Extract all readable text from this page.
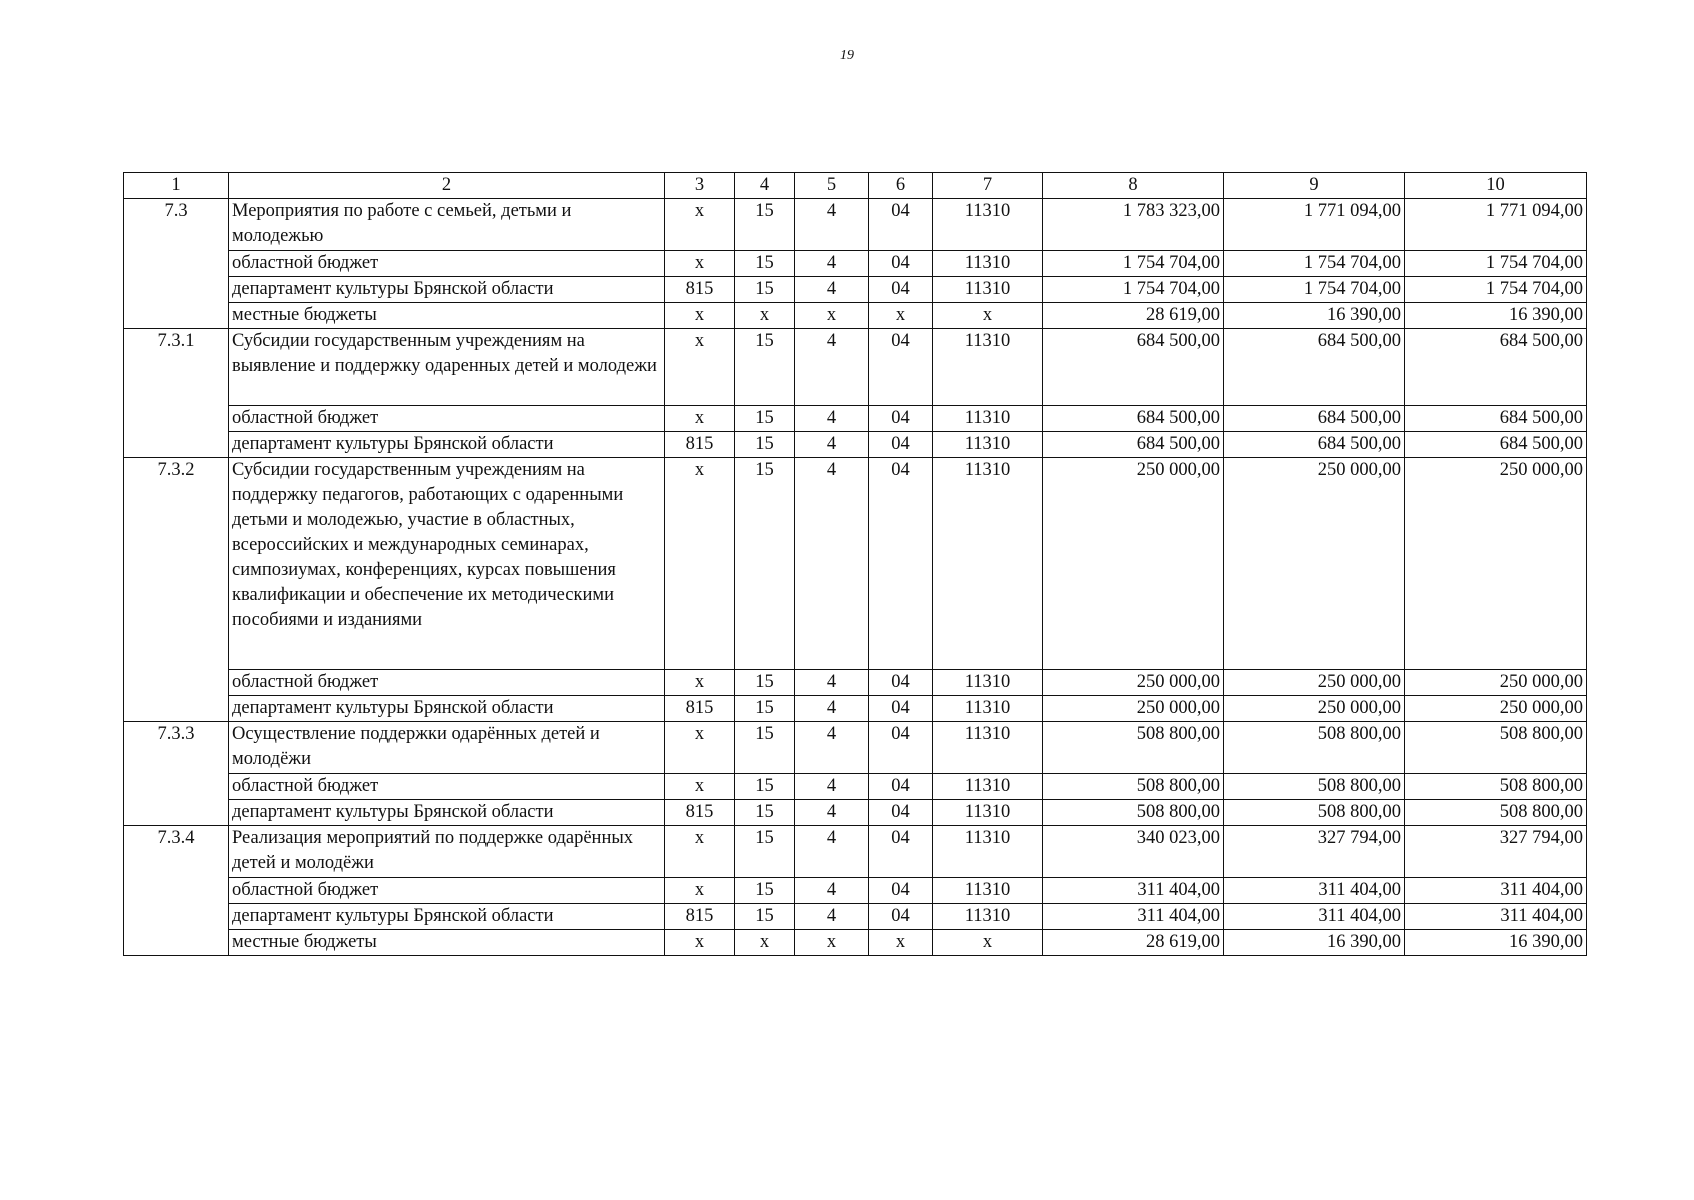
19
1	2	3	4	5	6	7	8	9	10
7.3	Мероприятия по работе с семьей, детьми и молодежью	х	15	4	04	11310	1 783 323,00	1 771 094,00	1 771 094,00
	областной бюджет	х	15	4	04	11310	1 754 704,00	1 754 704,00	1 754 704,00
	департамент культуры Брянской области	815	15	4	04	11310	1 754 704,00	1 754 704,00	1 754 704,00
	местные бюджеты	х	х	х	х	х	28 619,00	16 390,00	16 390,00
7.3.1	Субсидии государственным учреждениям на выявление и поддержку одаренных детей и молодежи	х	15	4	04	11310	684 500,00	684 500,00	684 500,00
	областной бюджет	х	15	4	04	11310	684 500,00	684 500,00	684 500,00
	департамент культуры Брянской области	815	15	4	04	11310	684 500,00	684 500,00	684 500,00
7.3.2	Субсидии государственным учреждениям на поддержку педагогов, работающих с одаренными детьми и молодежью, участие в областных, всероссийских и международных семинарах, симпозиумах, конференциях, курсах повышения квалификации и обеспечение их методическими пособиями и изданиями	х	15	4	04	11310	250 000,00	250 000,00	250 000,00
	областной бюджет	х	15	4	04	11310	250 000,00	250 000,00	250 000,00
	департамент культуры Брянской области	815	15	4	04	11310	250 000,00	250 000,00	250 000,00
7.3.3	Осуществление поддержки одарённых детей и молодёжи	х	15	4	04	11310	508 800,00	508 800,00	508 800,00
	областной бюджет	х	15	4	04	11310	508 800,00	508 800,00	508 800,00
	департамент культуры Брянской области	815	15	4	04	11310	508 800,00	508 800,00	508 800,00
7.3.4	Реализация мероприятий по поддержке одарённых детей и молодёжи	х	15	4	04	11310	340 023,00	327 794,00	327 794,00
	областной бюджет	х	15	4	04	11310	311 404,00	311 404,00	311 404,00
	департамент культуры Брянской области	815	15	4	04	11310	311 404,00	311 404,00	311 404,00
	местные бюджеты	х	х	х	х	х	28 619,00	16 390,00	16 390,00
